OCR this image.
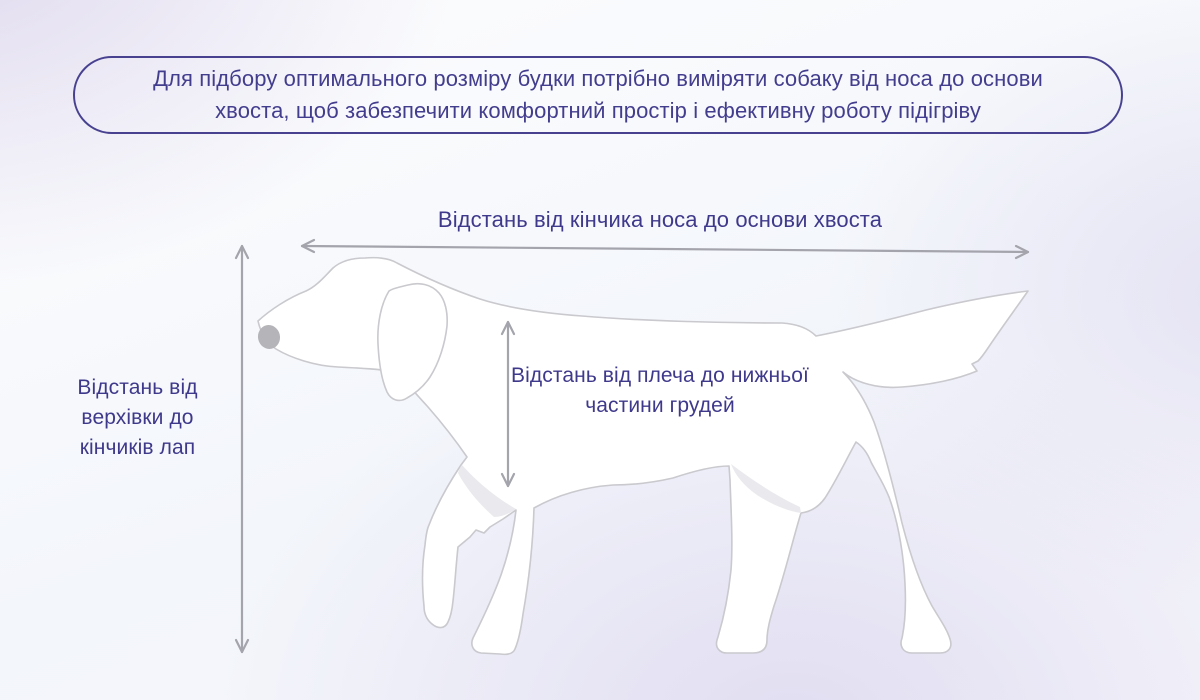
Для підбору оптимального розміру будки потрібно виміряти собаку від носа до основи хвоста, щоб забезпечити комфортний простір і ефективну роботу підігріву

Відстань від кінчика носа до основи хвоста
Відстань від верхівки до кінчиків лап
Відстань від плеча до нижньої частини грудей
